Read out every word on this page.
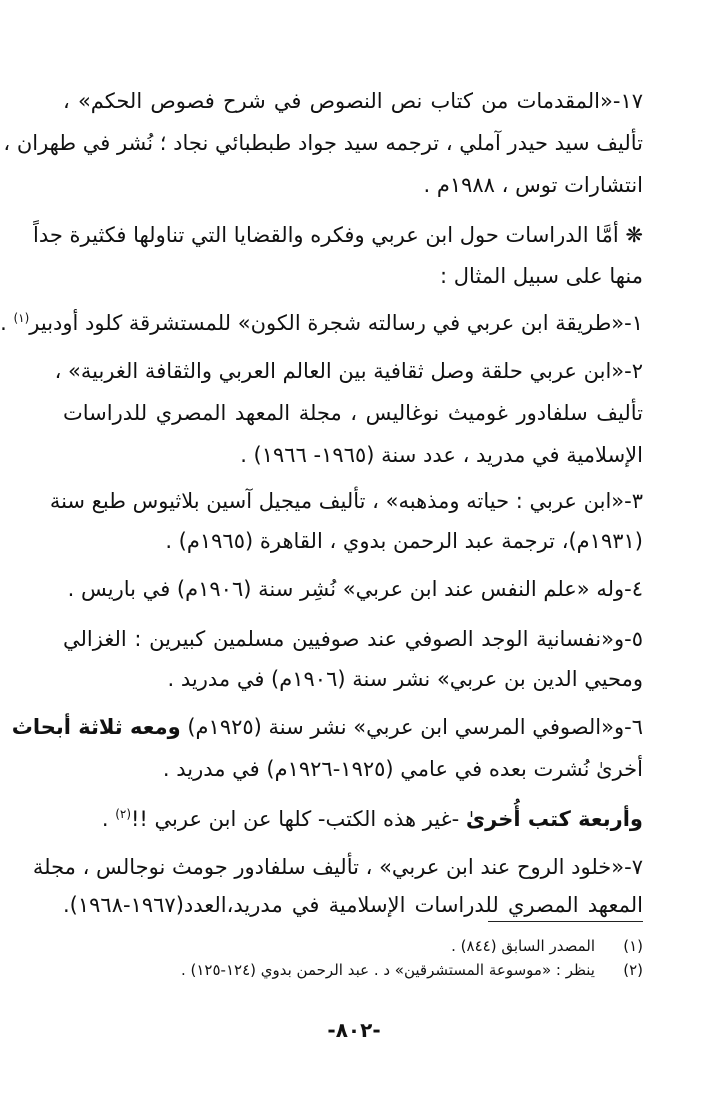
١٧-«المقدمات من كتاب نص النصوص في شرح فصوص الحكم» ،
تأليف سيد حيدر آملي ، ترجمه سيد جواد طبطبائي نجاد ؛ نُشر في طهران ،
انتشارات توس ، ١٩٨٨م .
❋ أمَّا الدراسات حول ابن عربي وفكره والقضايا التي تناولها فكثيرة جداً
منها على سبيل المثال :
١-«طريقة ابن عربي في رسالته شجرة الكون» للمستشرقة كلود أودبير$^{(١)}$ .
٢-«ابن عربي حلقة وصل ثقافية بين العالم العربي والثقافة الغربية» ،
تأليف سلفادور غوميث نوغاليس ، مجلة المعهد المصري للدراسات
الإسلامية في مدريد ، عدد سنة (١٩٦٥- ١٩٦٦) .
٣-«ابن عربي : حياته ومذهبه» ، تأليف ميجيل آسين بلاثيوس طبع سنة
(١٩٣١م)، ترجمة عبد الرحمن بدوي ، القاهرة (١٩٦٥م) .
٤-وله «علم النفس عند ابن عربي» نُشِر سنة (١٩٠٦م) في باريس .
٥-و«نفسانية الوجد الصوفي عند صوفيين مسلمين كبيرين : الغزالي
ومحيي الدين بن عربي» نشر سنة (١٩٠٦م) في مدريد .
٦-و«الصوفي المرسي ابن عربي» نشر سنة (١٩٢٥م) ومعه ثلاثة أبحاث
أخرىٰ نُشرت بعده في عامي (١٩٢٥-١٩٢٦م) في مدريد .
وأربعة كتب أُخرىٰ -غير هذه الكتب- كلها عن ابن عربي !!$^{(٢)}$ .
٧-«خلود الروح عند ابن عربي» ، تأليف سلفادور جومث نوجالس ، مجلة
المعهد المصري للدراسات الإسلامية في مدريد،العدد(١٩٦٧-١٩٦٨).
(١)المصدر السابق (٨٤٤) .
(٢)ينظر : «موسوعة المستشرقين» د . عبد الرحمن بدوي (١٢٤-١٢٥) .
-٨٠٢-
